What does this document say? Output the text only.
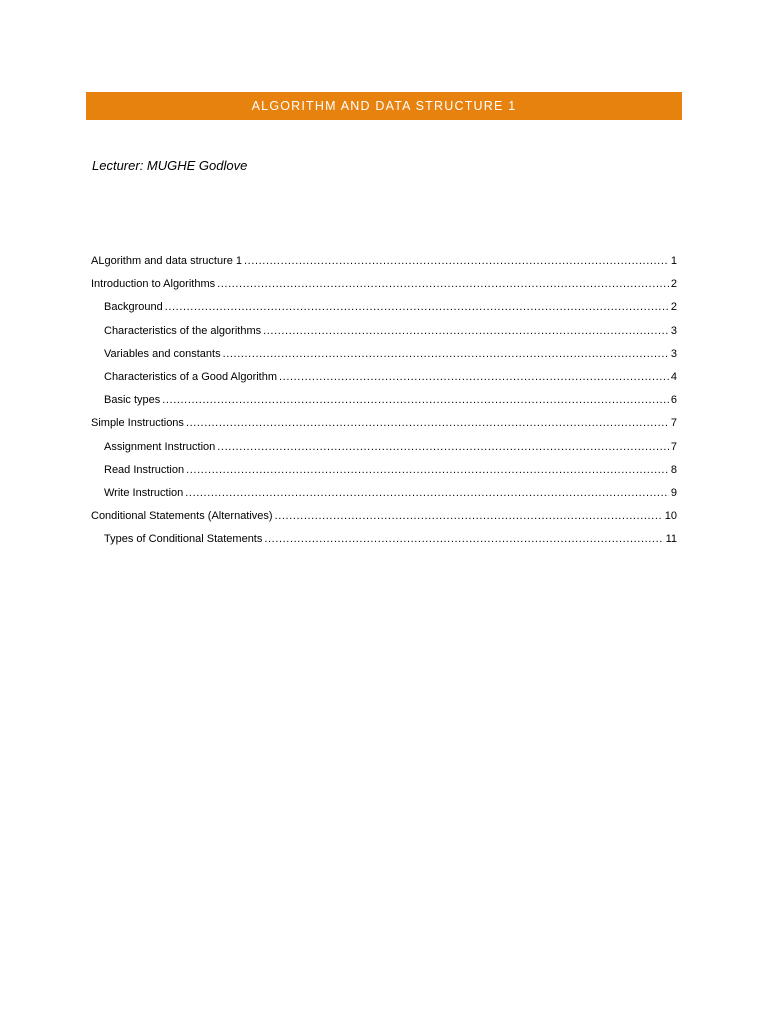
ALGORITHM AND DATA STRUCTURE 1
Lecturer: MUGHE Godlove
ALgorithm and data structure 1 .....	1
Introduction to Algorithms .....	2
Background .....	2
Characteristics of the algorithms .....	3
Variables and constants .....	3
Characteristics of a Good Algorithm .....	4
Basic types .....	6
Simple Instructions .....	7
Assignment Instruction .....	7
Read Instruction .....	8
Write Instruction .....	9
Conditional Statements (Alternatives) .....	10
Types of Conditional Statements .....	11
